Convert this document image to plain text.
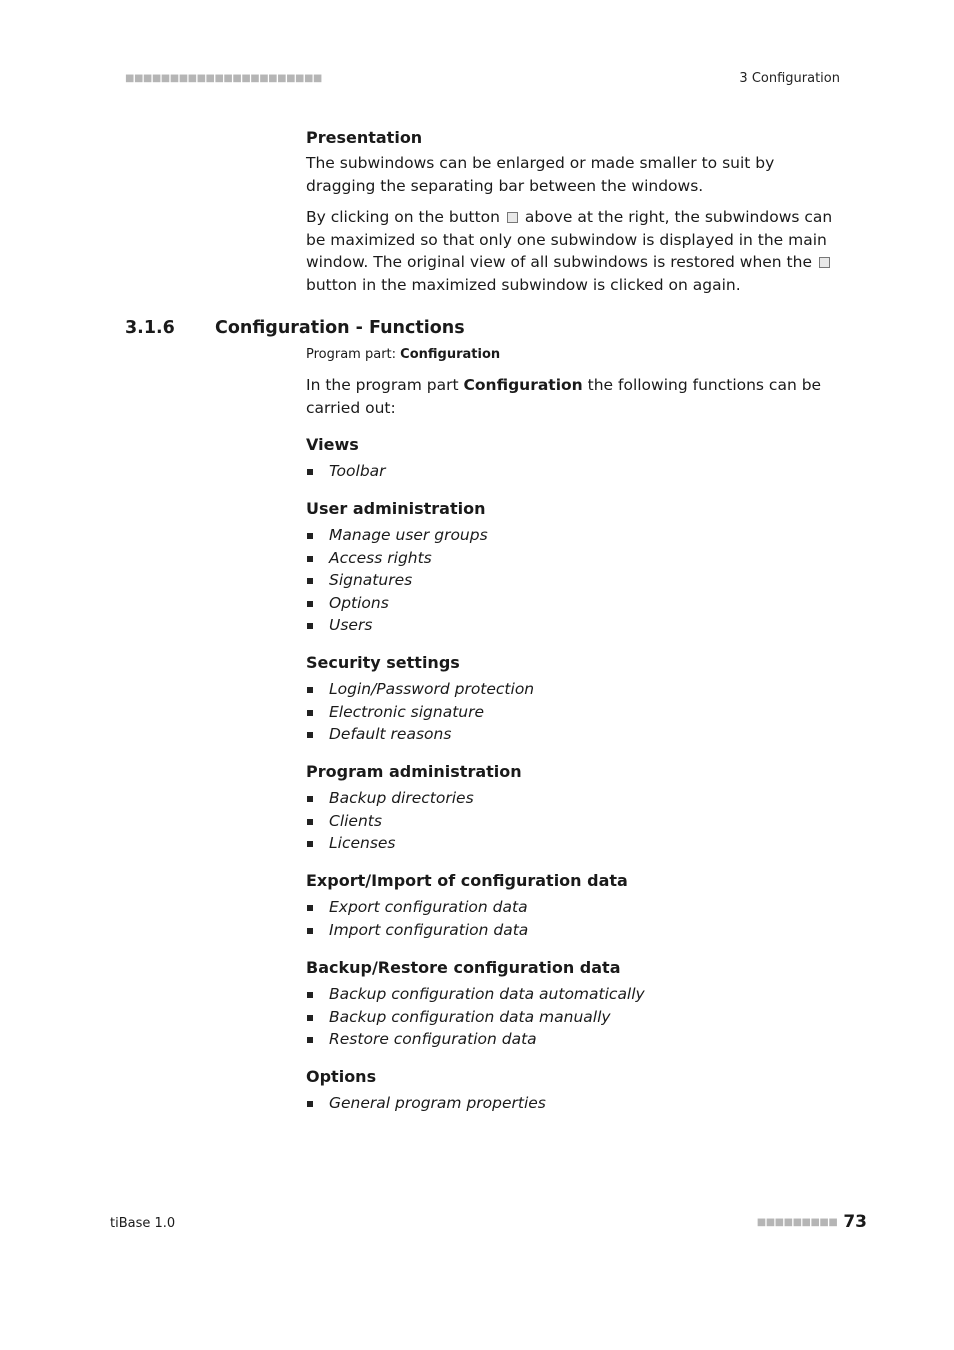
■■■■■■■■■■■■■■■■■■■■■■	3 Configuration

Presentation

The subwindows can be enlarged or made smaller to suit by dragging the separating bar between the windows.

By clicking on the button above at the right, the subwindows can be maximized so that only one subwindow is displayed in the main window. The original view of all subwindows is restored when the  button in the maximized subwindow is clicked on again.

3.1.6 Configuration - Functions
Program part: Configuration

In the program part Configuration the following functions can be carried out:

Views

Toolbar

User administration

Manage user groups
Access rights
Signatures
Options
Users

Security settings

Login/Password protection
Electronic signature
Default reasons

Program administration

Backup directories
Clients
Licenses

Export/Import of configuration data

Export configuration data
Import configuration data

Backup/Restore configuration data

Backup configuration data automatically
Backup configuration data manually
Restore configuration data

Options

General program properties
tiBase 1.0	■■■■■■■■■ 73
